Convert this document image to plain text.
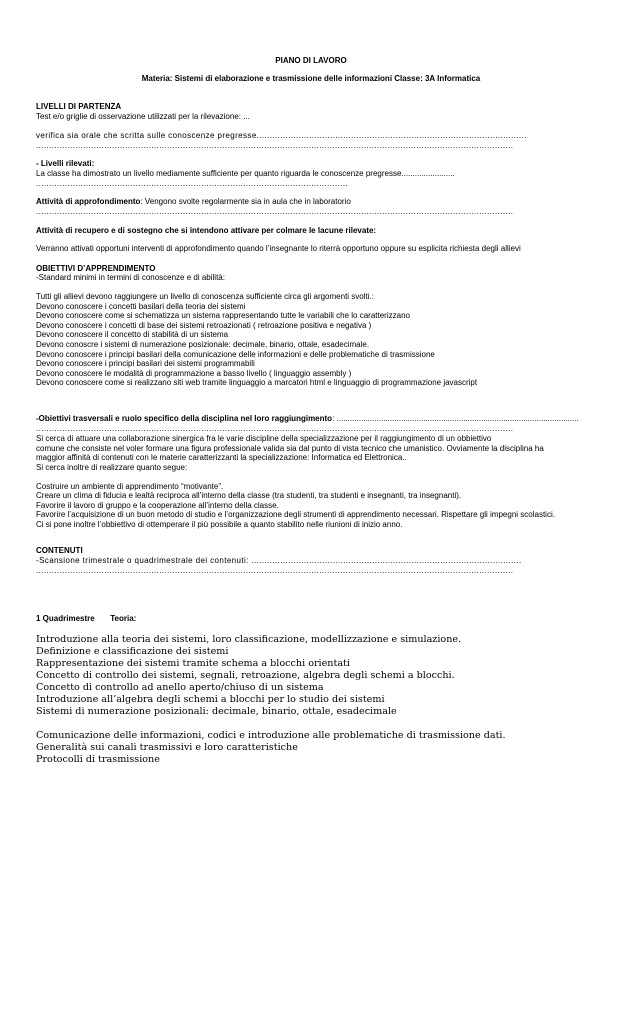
PIANO DI LAVORO
Materia: Sistemi di elaborazione e trasmissione delle informazioni Classe: 3A Informatica
LIVELLI DI PARTENZA
Test e/o griglie di osservazione utilizzati per la rilevazione: ...
verifica sia orale che scritta sulle conoscenze pregresse.......................................................................................................
......................................................................................................................................................................................
- Livelli rilevati:
La classe ha dimostrato un livello mediamente sufficiente per quanto riguarda le conoscenze pregresse........................
.......................................................................................................................
Attività di approfondimento: Vengono svolte regolarmente sia in aula che in laboratorio
......................................................................................................................................................................................
Attività di recupero e di sostegno che si intendono attivare per colmare le lacune rilevate:
Verranno attivati opportuni interventi di approfondimento quando l’insegnante lo riterrà opportuno oppure su esplicita richiesta degli allievi
OBIETTIVI D’APPRENDIMENTO
-Standard minimi in termini di conoscenze e di abilità:
Tutti gli allievi devono raggiungere un livello di conoscenza sufficiente circa gli argomenti svolti.:
Devono conoscere i concetti basilari della teoria dei sistemi
Devono conoscere come si schematizza un sistema rappresentando tutte le variabili che lo caratterizzano
Devono conoscere i concetti di base dei sistemi retroazionati ( retroazione positiva e negativa )
Devono conoscere il concetto di stabilità di un sistema
Devono conoscre i sistemi di numerazione posizionale: decimale, binario, ottale, esadecimale.
Devono conoscere i principi basilari della comunicazione delle informazioni e delle problematiche di trasmissione
Devono conoscere i principi basilari dei sistemi programmabili
Devono conoscere le modalità di programmazione a basso livello ( linguaggio assembly )
Devono conoscere come si realizzano siti web tramite linguaggio a marcatori html e linguaggio di programmazione javascript
-Obiettivi trasversali e ruolo specifico della disciplina nel loro raggiungimento: .............................................................................................................
......................................................................................................................................................................................
Si cerca di attuare una collaborazione sinergica fra le varie discipline della specializzazione per il raggiungimento di un obbiettivo
comune che consiste nel voler formare una figura professionale valida sia dal punto di vista tecnico che umanistico. Ovviamente la disciplina ha
maggior affinità di contenuti con le materie caratterizzanti la specializzazione: Informatica ed Elettronica..
Si cerca inoltre di realizzare quanto segue:
Costruire un ambiente di apprendimento “motivante”.
Creare un clima di fiducia e lealtà reciproca all’interno della classe (tra studenti, tra studenti e insegnanti, tra insegnanti).
Favorire il lavoro di gruppo e la cooperazione all’interno della classe.
Favorire l’acquisizione di un buon metodo di studio e l’organizzazione degli strumenti di apprendimento necessari. Rispettare gli impegni scolastici.
Ci si pone inoltre l’obbiettivo di ottemperare il più possibile a quanto stabilito nelle riunioni di inizio anno.
CONTENUTI
-Scansione trimestrale o quadrimestrale dei contenuti: .......................................................................................................
......................................................................................................................................................................................
1 Quadrimestre       Teoria:
Introduzione alla teoria dei sistemi, loro classificazione, modellizzazione e simulazione.
Definizione e classificazione dei sistemi
Rappresentazione dei sistemi tramite schema a blocchi orientati
Concetto di controllo dei sistemi, segnali, retroazione, algebra degli schemi a blocchi.
Concetto di controllo ad anello aperto/chiuso di un sistema
Introduzione all’algebra degli schemi a blocchi per lo studio dei sistemi
Sistemi di numerazione posizionali: decimale, binario, ottale, esadecimale
Comunicazione delle informazioni, codici e introduzione alle problematiche di trasmissione dati.
Generalità sui canali trasmissivi e loro caratteristiche
Protocolli di trasmissione
